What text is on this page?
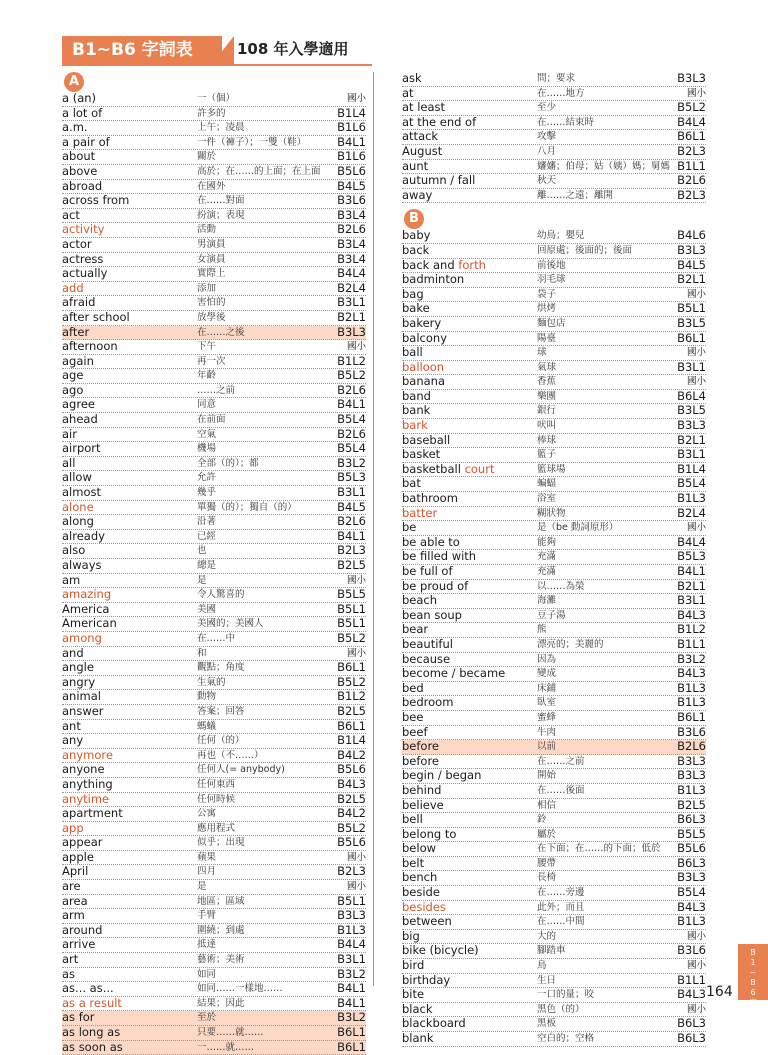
B1~B6 字詞表	108 年入學適用
A
a (an)	一（個）	國小
a lot of	許多的	B1L4
a.m.	上午；凌晨	B1L6
a pair of	一件（褲子）；一雙（鞋）	B4L1
about	關於	B1L6
above	高於；在……的上面；在上面 B5L6
abroad	在國外	B4L5
across from	在……對面	B3L6
act	扮演；表現	B3L4
activity	活動	B2L6
actor	男演員	B3L4
actress	女演員	B3L4
actually	實際上	B4L4
add	添加	B2L4
afraid	害怕的	B3L1
after school	放學後	B2L1
after	在……之後	B3L3
afternoon	下午	國小
again	再一次	B1L2
age	年齡	B5L2
ago	……之前	B2L6
agree	同意	B4L1
ahead	在前面	B5L4
air	空氣	B2L6
airport	機場	B5L4
all	全部（的）；都	B3L2
allow	允許	B5L3
almost	幾乎	B3L1
alone	單獨（的）；獨自（的）	B4L5
along	沿著	B2L6
already	已經	B4L1
also	也	B2L3
always	總是	B2L5
am	是	國小
amazing	令人驚喜的	B5L5
America	美國	B5L1
American	美國的；美國人	B5L1
among	在……中	B5L2
and	和	國小
angle	觀點；角度	B6L1
angry	生氣的	B5L2
animal	動物	B1L2
answer	答案；回答	B2L5
ant	螞蟻	B6L1
any	任何（的）	B1L4
anymore	再也（不……）	B4L2
anyone	任何人(= anybody)	B5L6
anything	任何東西	B4L3
anytime	任何時候	B2L5
apartment	公寓	B4L2
app	應用程式	B5L2
appear	似乎；出現	B5L6
apple	蘋果	國小
April	四月	B2L3
are	是	國小
area	地區；區域	B5L1
arm	手臂	B3L3
around	圍繞；到處	B1L3
arrive	抵達	B4L4
art	藝術；美術	B3L1
as	如同	B3L2
as... as...	如同……一樣地……	B4L1
as a result	結果；因此	B4L1
as for	至於	B3L2
as long as	只要……就……	B6L1
as soon as	一……就……	B6L1
ask	問；要求	B3L3
at	在……地方	國小
at least	至少	B5L2
at the end of	在……結束時	B4L4
attack	攻擊	B6L1
August	八月	B2L3
aunt	嬸嬸；伯母；姑（姨）媽；舅媽 B1L1
autumn / fall	秋天	B2L6
away	離……之遠；離開	B2L3
B
baby	幼鳥；嬰兒	B4L6
back	回原處；後面的；後面	B3L3
back and forth	前後地	B4L5
badminton	羽毛球	B2L1
bag	袋子	國小
bake	烘烤	B5L1
bakery	麵包店	B3L5
balcony	陽臺	B6L1
ball	球	國小
balloon	氣球	B3L1
banana	香蕉	國小
band	樂團	B6L4
bank	銀行	B3L5
bark	吠叫	B3L3
baseball	棒球	B2L1
basket	籃子	B3L1
basketball court	籃球場	B1L4
bat	蝙蝠	B5L4
bathroom	浴室	B1L3
batter	糊狀物	B2L4
be	是（be 動詞原形）	國小
be able to	能夠	B4L4
be filled with	充滿	B5L3
be full of	充滿	B4L1
be proud of	以……為榮	B2L1
beach	海灘	B3L1
bean soup	豆子湯	B4L3
bear	熊	B1L2
beautiful	漂亮的；美麗的	B1L1
because	因為	B3L2
become / became	變成	B4L3
bed	床鋪	B1L3
bedroom	臥室	B1L3
bee	蜜蜂	B6L1
beef	牛肉	B3L6
before	以前	B2L6
before	在……之前	B3L3
begin / began	開始	B3L3
behind	在……後面	B1L3
believe	相信	B2L5
bell	鈴	B6L3
belong to	屬於	B5L5
below	在下面；在……的下面；低於 B5L6
belt	腰帶	B6L3
bench	長椅	B3L3
beside	在……旁邊	B5L4
besides	此外；而且	B4L3
between	在……中間	B1L3
big	大的	國小
bike (bicycle)	腳踏車	B3L6
bird	鳥	國小
birthday	生日	B1L1
bite	一口的量；咬	B4L3
black	黑色（的）	國小
blackboard	黑板	B6L3
blank	空白的；空格	B6L3
B
1
~
B
6
字
詞
表
164
